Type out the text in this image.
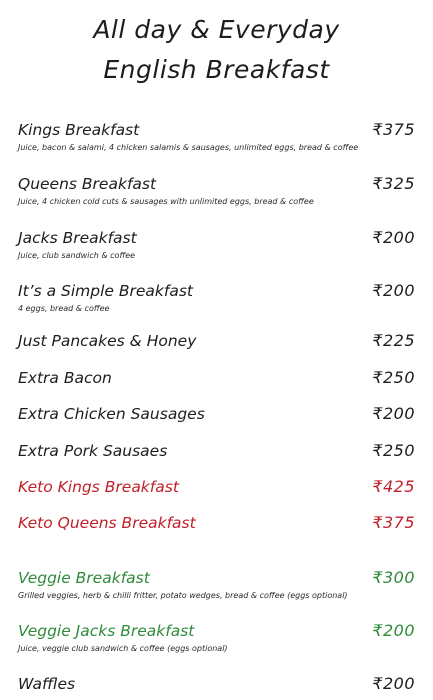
All day & Everyday
English Breakfast
Kings Breakfast	₹375
Juice, bacon & salami, 4 chicken salamis & sausages, unlimited eggs, bread & coffee
Queens Breakfast	₹325
Juice, 4 chicken cold cuts & sausages with unlimited eggs, bread & coffee
Jacks Breakfast	₹200
Juice, club sandwich & coffee
It’s a Simple Breakfast	₹200
4 eggs, bread & coffee
Just Pancakes & Honey	₹225
Extra Bacon	₹250
Extra Chicken Sausages	₹200
Extra Pork Sausaes	₹250
Keto Kings Breakfast	₹425
Keto Queens Breakfast	₹375
Veggie Breakfast	₹300
Grilled veggies, herb & chilli fritter, potato wedges, bread & coffee (eggs optional)
Veggie Jacks Breakfast	₹200
Juice, veggie club sandwich & coffee (eggs optional)
Waffles	₹200
